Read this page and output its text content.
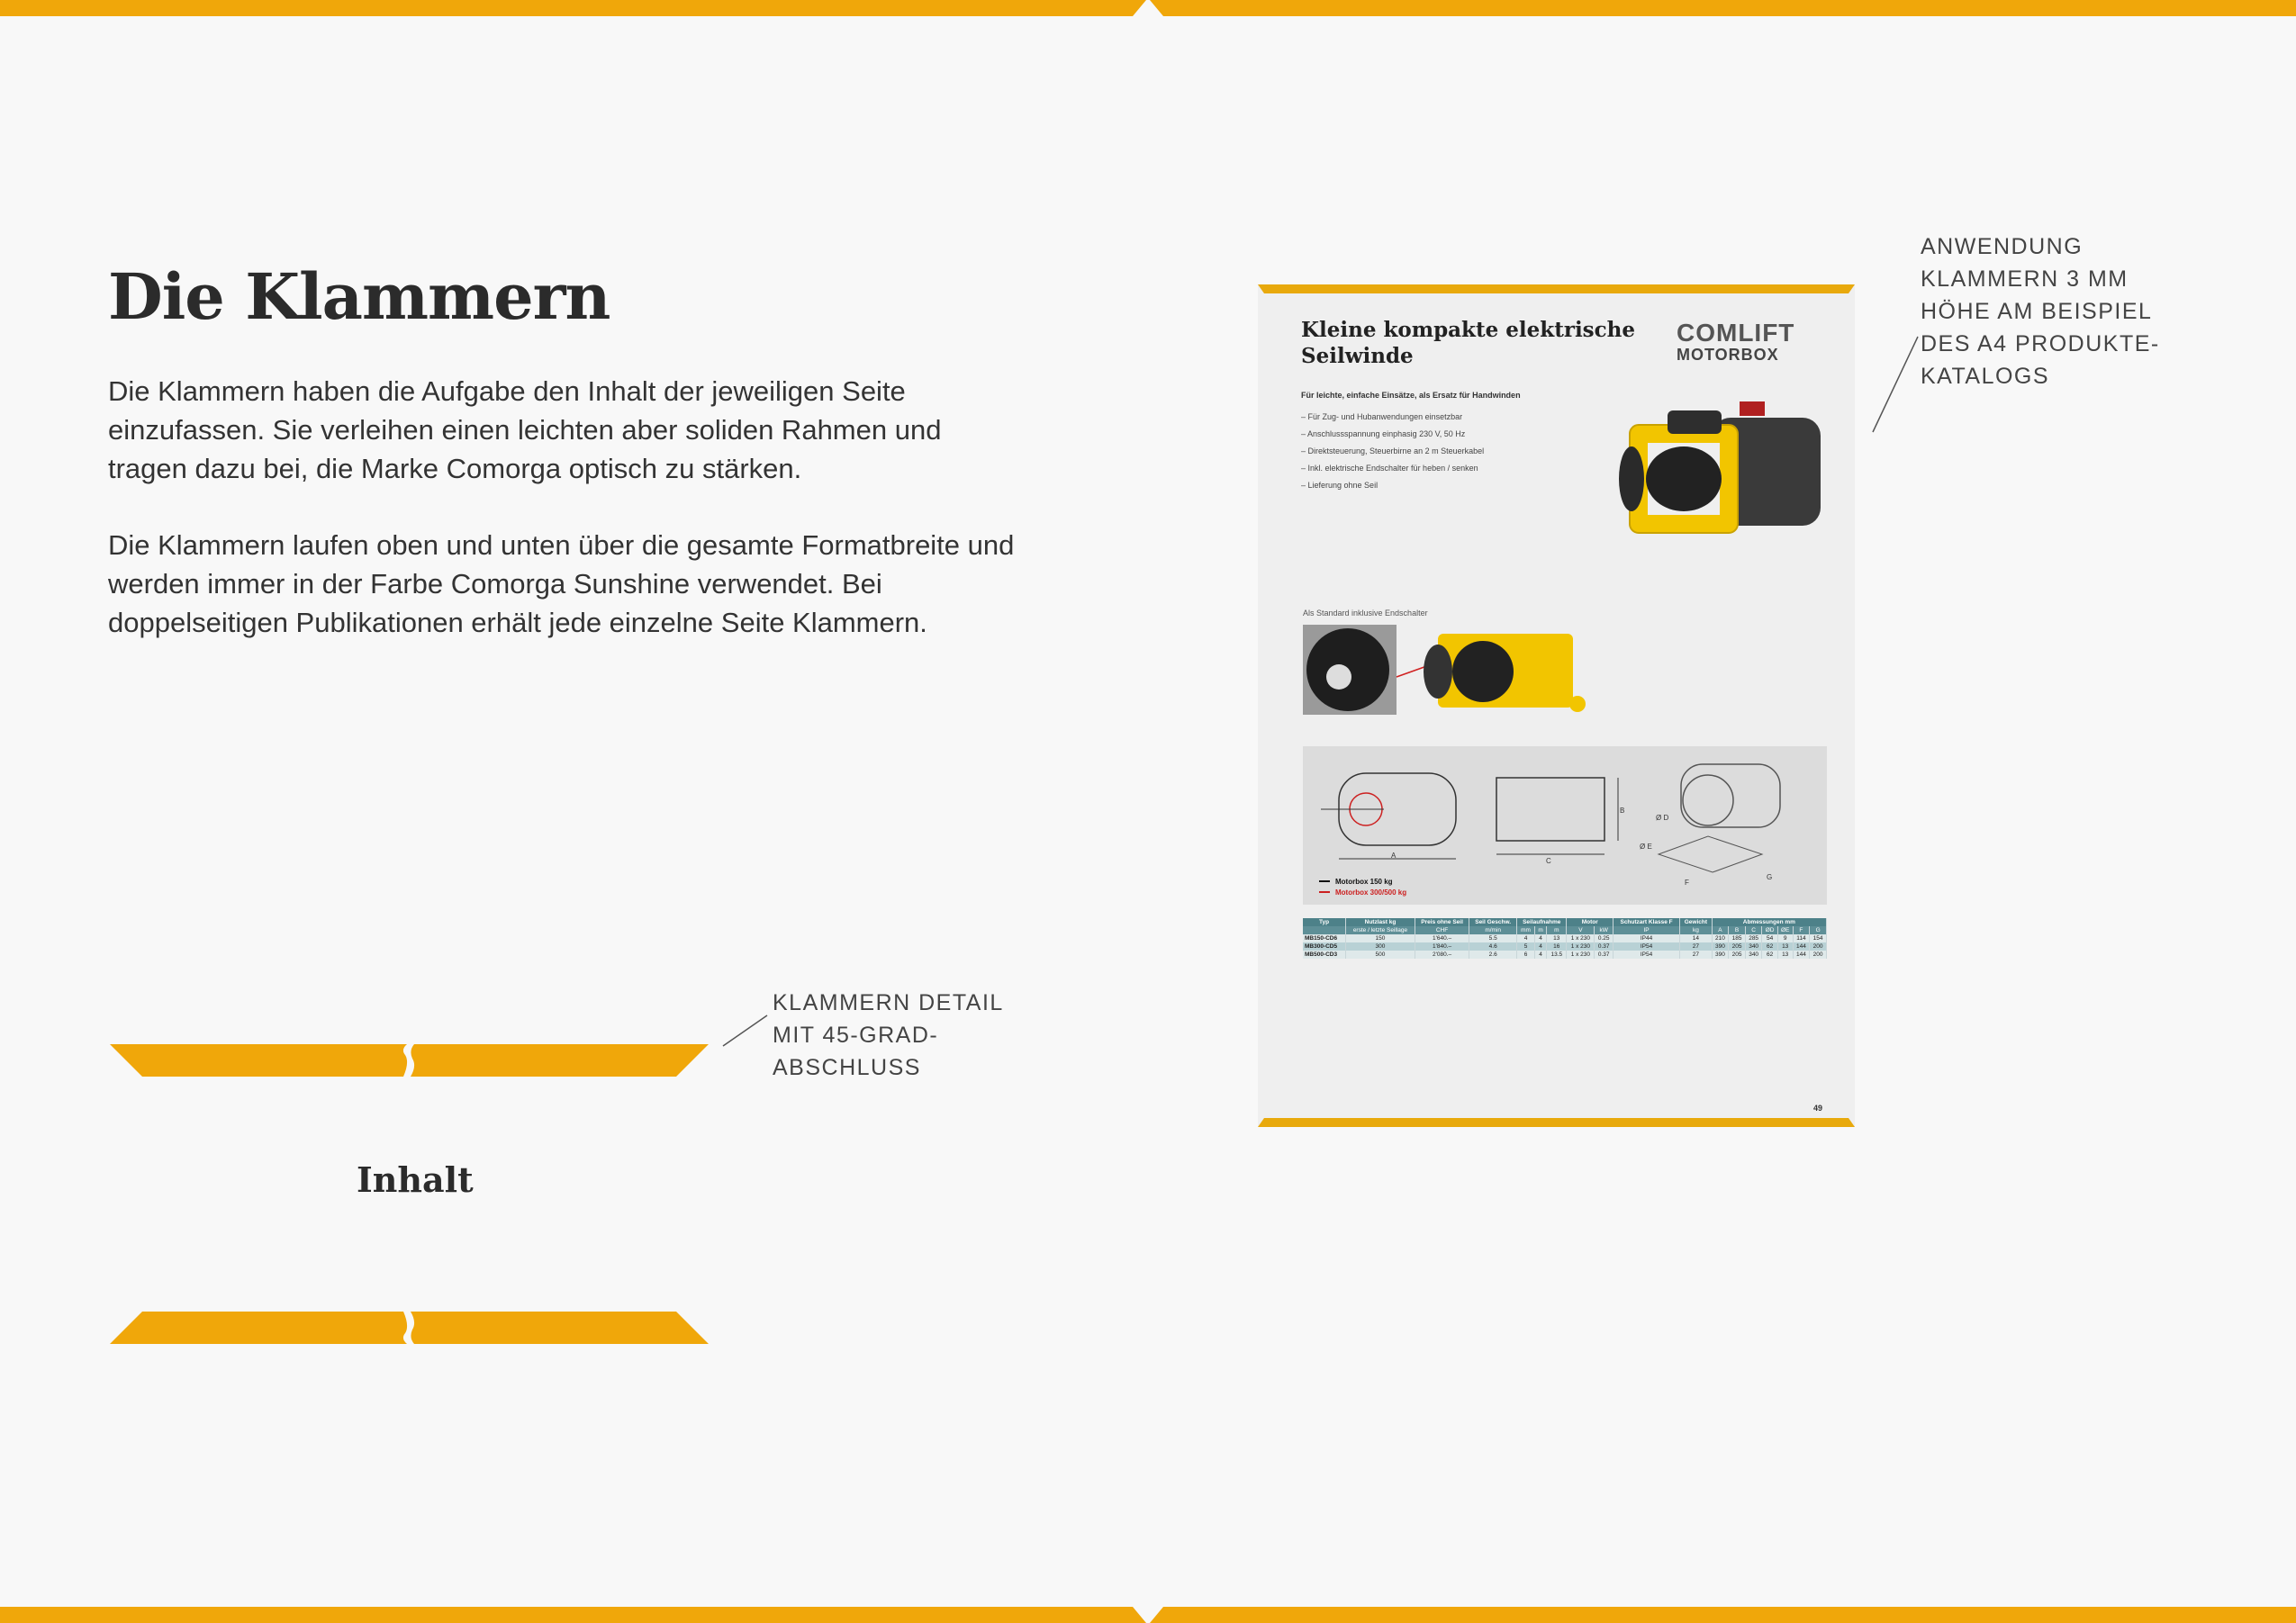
Die Klammern

Die Klammern haben die Aufgabe den Inhalt der jeweiligen Seite einzufassen. Sie verleihen einen leichten aber soliden Rahmen und tragen dazu bei, die Marke Comorga optisch zu stärken.

Die Klammern laufen oben und unten über die gesamte Formatbreite und werden immer in der Farbe Comorga Sunshine verwendet. Bei doppelseitigen Publikationen erhält jede einzelne Seite Klammern.

Inhalt
KLAMMERN DETAIL
MIT 45-GRAD-
ABSCHLUSS
ANWENDUNG
KLAMMERN 3 MM
HÖHE AM BEISPIEL
DES A4 PRODUKTE-
KATALOGS
Kleine kompakte elektrische Seilwinde
COMLIFT
MOTORBOX
Für leichte, einfache Einsätze, als Ersatz für Handwinden
– Für Zug- und Hubanwendungen einsetzbar
– Anschlussspannung einphasig 230 V, 50 Hz
– Direktsteuerung, Steuerbirne an 2 m Steuerkabel
– Inkl. elektrische Endschalter für heben / senken
– Lieferung ohne Seil
Als Standard inklusive Endschalter
A
B
C
Ø D
Ø E
F
G
Motorbox 150 kg
Motorbox 300/500 kg
Typ	Nutzlast kg	Preis ohne Seil	Seil Geschw.	Seilaufnahme			Motor		Schutzart Klasse F	Gewicht	Abmessungen mm						
	erste / letzte Seillage	CHF	m/min	mm	m	m	V	kW	IP	kg	A	B	C	ØD	ØE	F	G
MB150-CD6	150	1'640.–	5.5	4	4	13	1 x 230	0.25	IP44	14	210	185	285	54	9	114	154
MB300-CD5	300	1'840.–	4.6	5	4	16	1 x 230	0.37	IP54	27	390	205	340	62	13	144	200
MB500-CD3	500	2'080.–	2.6	6	4	13.5	1 x 230	0.37	IP54	27	390	205	340	62	13	144	200
49
